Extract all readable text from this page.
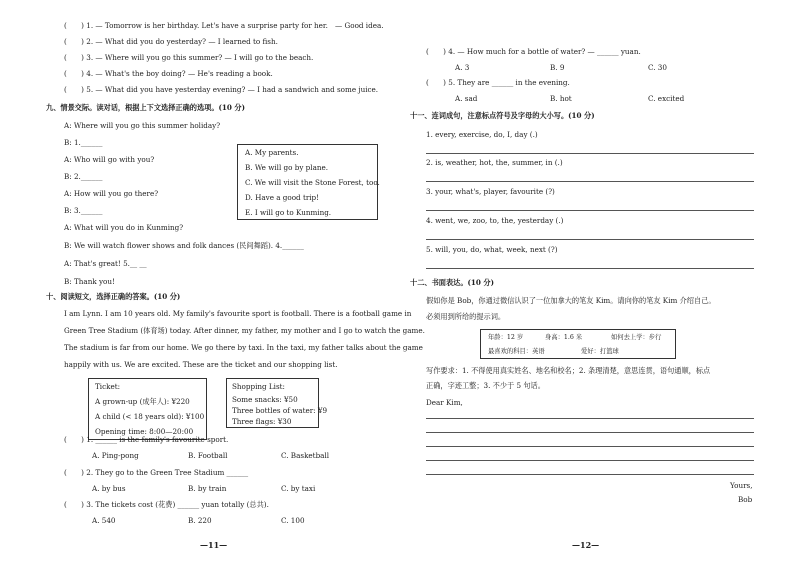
(　　) 1. — Tomorrow is her birthday. Let's have a surprise party for her.　— Good idea.
(　　) 2. — What did you do yesterday? — I learned to fish.
(　　) 3. — Where will you go this summer? — I will go to the beach.
(　　) 4. — What's the boy doing? — He's reading a book.
(　　) 5. — What did you have yesterday evening? — I had a sandwich and some juice.
九、情景交际。读对话，根据上下文选择正确的选项。(10 分)
A: Where will you go this summer holiday?
B: 1.______
A: Who will go with you?
B: 2.______
A: How will you go there?
B: 3.______
A: What will you do in Kunming?
B: We will watch flower shows and folk dances (民间舞蹈). 4.______
A: That's great! 5.__ __
B: Thank you!
A. My parents.
B. We will go by plane.
C. We will visit the Stone Forest, too.
D. Have a good trip!
E. I will go to Kunming.
十、阅读短文，选择正确的答案。(10 分)
I am Lynn. I am 10 years old. My family's favourite sport is football. There is a football game in
Green Tree Stadium (体育场) today. After dinner, my father, my mother and I go to watch the game.
The stadium is far from our home. We go there by taxi. In the taxi, my father talks about the game
happily with us. We are excited. These are the ticket and our shopping list.
Ticket:
A grown-up (成年人): ¥220
A child (< 18 years old): ¥100
Opening time: 8:00—20:00
Shopping List:
Some snacks: ¥50
Three bottles of water: ¥9
Three flags: ¥30
(　　) 1. ______ is the family's favourite sport.
A. Ping-pong	B. Football	C. Basketball
(　　) 2. They go to the Green Tree Stadium ______
A. by bus	B. by train	C. by taxi
(　　) 3. The tickets cost (花费) ______ yuan totally (总共).
A. 540	B. 220	C. 100
—11—
(　　) 4. — How much for a bottle of water? — ______ yuan.
A. 3	B. 9	C. 30
(　　) 5. They are ______ in the evening.
A. sad	B. hot	C. excited
十一、连词成句，注意标点符号及字母的大小写。(10 分)
1. every, exercise, do, I, day (.)
2. is, weather, hot, the, summer, in (.)
3. your, what's, player, favourite (?)
4. went, we, zoo, to, the, yesterday (.)
5. will, you, do, what, week, next (?)
十二、书面表达。(10 分)
假如你是 Bob，你通过微信认识了一位加拿大的笔友 Kim。请向你的笔友 Kim 介绍自己。
必须用到所给的提示词。
年龄：12 岁	身高：1.6 米	如何去上学：步行
最喜欢的科目：英语	爱好：打篮球
写作要求：1. 不得使用真实姓名、地名和校名；2. 条理清楚，意思连贯，语句通顺，标点
正确，字迹工整；3. 不少于 5 句话。
Dear Kim,
Yours,
Bob
—12—
